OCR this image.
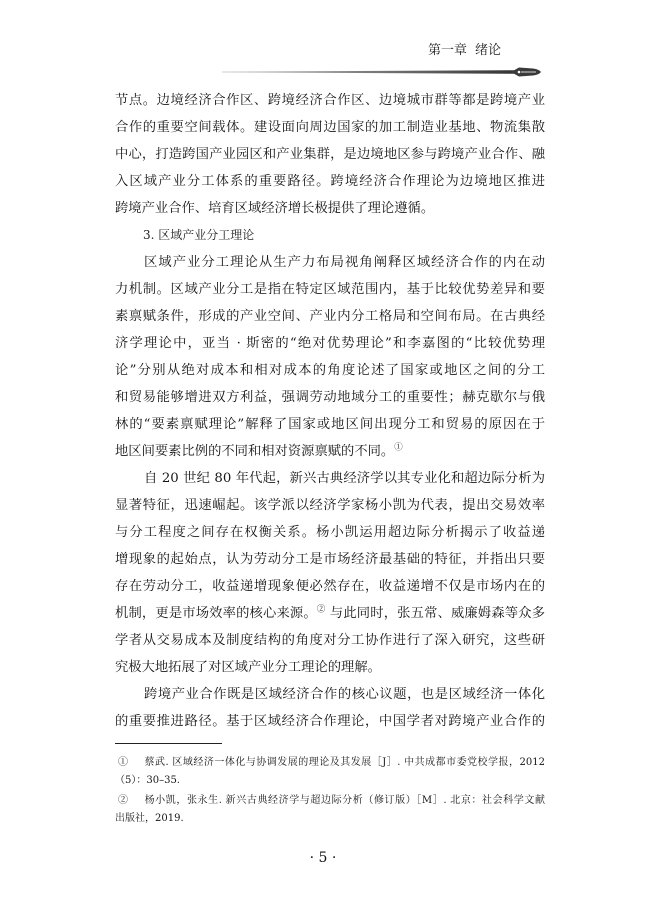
第一章 绪论
节点。边境经济合作区、跨境经济合作区、边境城市群等都是跨境产业
合作的重要空间载体。建设面向周边国家的加工制造业基地、物流集散
中心，打造跨国产业园区和产业集群，是边境地区参与跨境产业合作、融
入区域产业分工体系的重要路径。跨境经济合作理论为边境地区推进
跨境产业合作、培育区域经济增长极提供了理论遵循。
3. 区域产业分工理论
区域产业分工理论从生产力布局视角阐释区域经济合作的内在动
力机制。区域产业分工是指在特定区域范围内，基于比较优势差异和要
素禀赋条件，形成的产业空间、产业内分工格局和空间布局。在古典经
济学理论中，亚当 · 斯密的“绝对优势理论”和李嘉图的“比较优势理
论”分别从绝对成本和相对成本的角度论述了国家或地区之间的分工
和贸易能够增进双方利益，强调劳动地域分工的重要性；赫克歇尔与俄
林的“要素禀赋理论”解释了国家或地区间出现分工和贸易的原因在于
地区间要素比例的不同和相对资源禀赋的不同。①
自 20 世纪 80 年代起，新兴古典经济学以其专业化和超边际分析为
显著特征，迅速崛起。该学派以经济学家杨小凯为代表，提出交易效率
与分工程度之间存在权衡关系。杨小凯运用超边际分析揭示了收益递
增现象的起始点，认为劳动分工是市场经济最基础的特征，并指出只要
存在劳动分工，收益递增现象便必然存在，收益递增不仅是市场内在的
机制，更是市场效率的核心来源。② 与此同时，张五常、威廉姆森等众多
学者从交易成本及制度结构的角度对分工协作进行了深入研究，这些研
究极大地拓展了对区域产业分工理论的理解。
跨境产业合作既是区域经济合作的核心议题，也是区域经济一体化
的重要推进路径。基于区域经济合作理论，中国学者对跨境产业合作的
① 蔡武. 区域经济一体化与协调发展的理论及其发展［J］. 中共成都市委党校学报，2012
（5）：30–35.
② 杨小凯，张永生. 新兴古典经济学与超边际分析（修订版）［M］. 北京：社会科学文献
出版社，2019.
· 5 ·
